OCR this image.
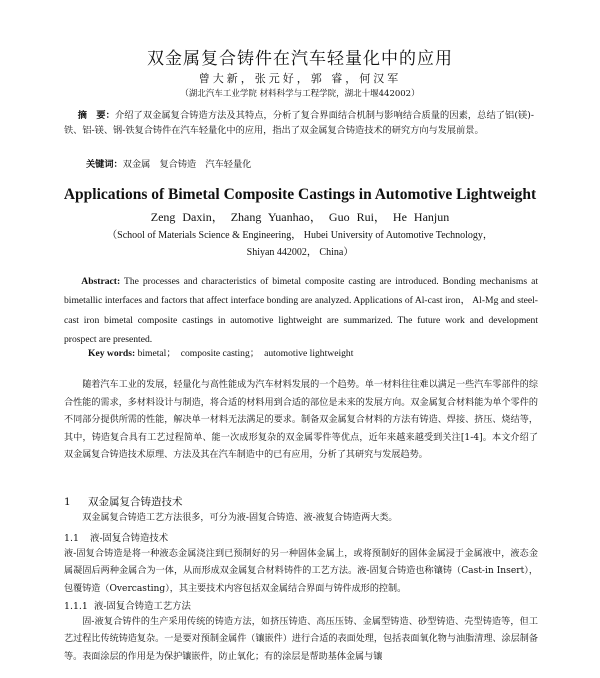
双金属复合铸件在汽车轻量化中的应用
曾大新，张元好，郭 睿，何汉军
（湖北汽车工业学院 材料科学与工程学院，湖北十堰442002）
摘　要：介绍了双金属复合铸造方法及其特点，分析了复合界面结合机制与影响结合质量的因素，总结了铝(镁)-铁、铝-镁、钢-铁复合铸件在汽车轻量化中的应用，指出了双金属复合铸造技术的研究方向与发展前景。
关键词：双金属　复合铸造　汽车轻量化
Applications of Bimetal Composite Castings in Automotive Lightweight
Zeng Daxin， Zhang Yuanhao， Guo Rui， He Hanjun
（School of Materials Science & Engineering， Hubei University of Automotive Technology，
Shiyan 442002， China）
Abstract: The processes and characteristics of bimetal composite casting are introduced. Bonding mechanisms at bimetallic interfaces and factors that affect interface bonding are analyzed. Applications of Al-cast iron， Al-Mg and steel-cast iron bimetal composite castings in automotive lightweight are summarized. The future work and development prospect are presented.
Key words: bimetal；　composite casting；　automotive lightweight
随着汽车工业的发展，轻量化与高性能成为汽车材料发展的一个趋势。单一材料往往难以满足一些汽车零部件的综合性能的需求，多材料设计与制造，将合适的材料用到合适的部位是未来的发展方向。双金属复合材料能为单个零件的不同部分提供所需的性能，解决单一材料无法满足的要求。制备双金属复合材料的方法有铸造、焊接、挤压、烧结等，其中，铸造复合具有工艺过程简单、能一次成形复杂的双金属零件等优点，近年来越来越受到关注[1-4]。本文介绍了双金属复合铸造技术原理、方法及其在汽车制造中的已有应用，分析了其研究与发展趋势。
1 双金属复合铸造技术
双金属复合铸造工艺方法很多，可分为液-固复合铸造、液-液复合铸造两大类。
1.1 液-固复合铸造技术
液-固复合铸造是将一种液态金属浇注到已预制好的另一种固体金属上，或将预制好的固体金属浸于金属液中，液态金属凝固后两种金属合为一体，从而形成双金属复合材料铸件的工艺方法。液-固复合铸造也称镶铸（Cast-in Insert），包覆铸造（Overcasting），其主要技术内容包括双金属结合界面与铸件成形的控制。
1.1.1 液-固复合铸造工艺方法
固-液复合铸件的生产采用传统的铸造方法，如挤压铸造、高压压铸、金属型铸造、砂型铸造、壳型铸造等，但工艺过程比传统铸造复杂。一是要对预制金属件（镶嵌件）进行合适的表面处理，包括表面氧化物与油脂清理、涂层制备等。表面涂层的作用是为保护镶嵌件，防止氧化；有的涂层是帮助基体金属与镶
